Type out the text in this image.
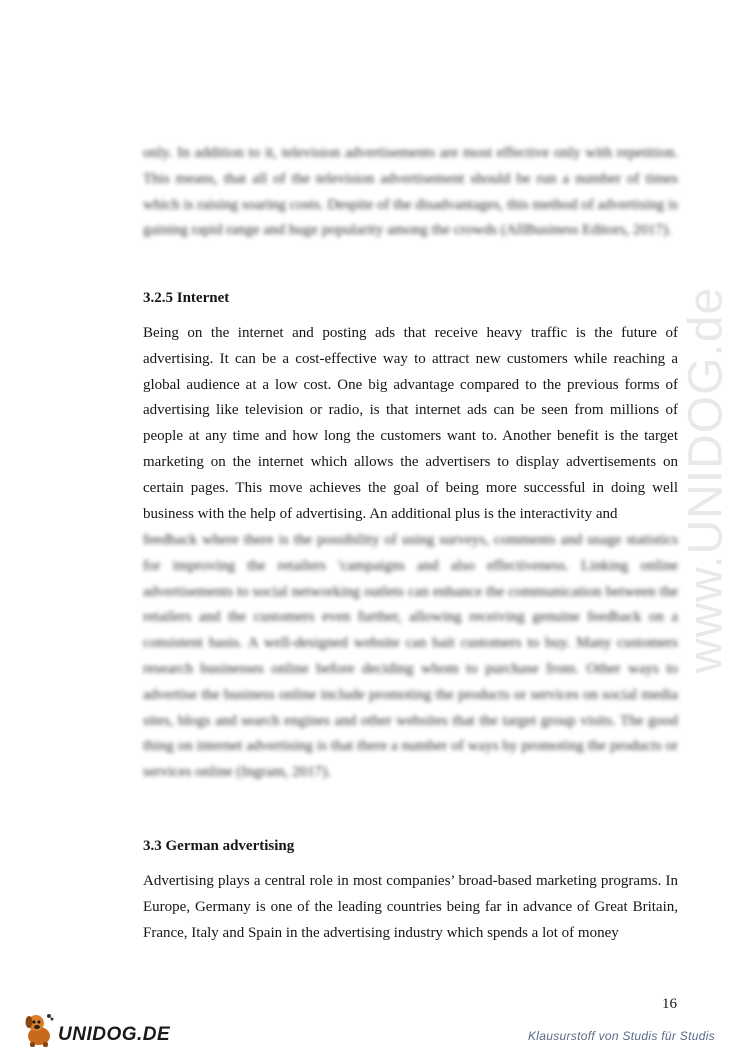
www.UNIDOG.de

only. In addition to it, television advertisements are most effective only with repetition. This means, that all of the television advertisement should be run a number of times which is raising soaring costs. Despite of the disadvantages, this method of advertising is gaining rapid range and huge popularity among the crowds (AllBusiness Editors, 2017).

3.2.5 Internet

Being on the internet and posting ads that receive heavy traffic is the future of advertising. It can be a cost-effective way to attract new customers while reaching a global audience at a low cost. One big advantage compared to the previous forms of advertising like television or radio, is that internet ads can be seen from millions of people at any time and how long the customers want to. Another benefit is the target marketing on the internet which allows the advertisers to display advertisements on certain pages. This move achieves the goal of being more successful in doing well business with the help of advertising. An additional plus is the interactivity and

feedback where there is the possibility of using surveys, comments and usage statistics for improving the retailers 'campaigns and also effectiveness. Linking online advertisements to social networking outlets can enhance the communication between the retailers and the customers even further, allowing receiving genuine feedback on a consistent basis. A well-designed website can bait customers to buy. Many customers research businesses online before deciding whom to purchase from. Other ways to advertise the business online include promoting the products or services on social media sites, blogs and search engines and other websites that the target group visits. The good thing on internet advertising is that there a number of ways by promoting the products or services online (Ingram, 2017).

3.3 German advertising

Advertising plays a central role in most companies’ broad-based marketing programs. In Europe, Germany is one of the leading countries being far in advance of Great Britain, France, Italy and Spain in the advertising industry which spends a lot of money

16
UNIDOG.DE	Klausurstoff von Studis für Studis
